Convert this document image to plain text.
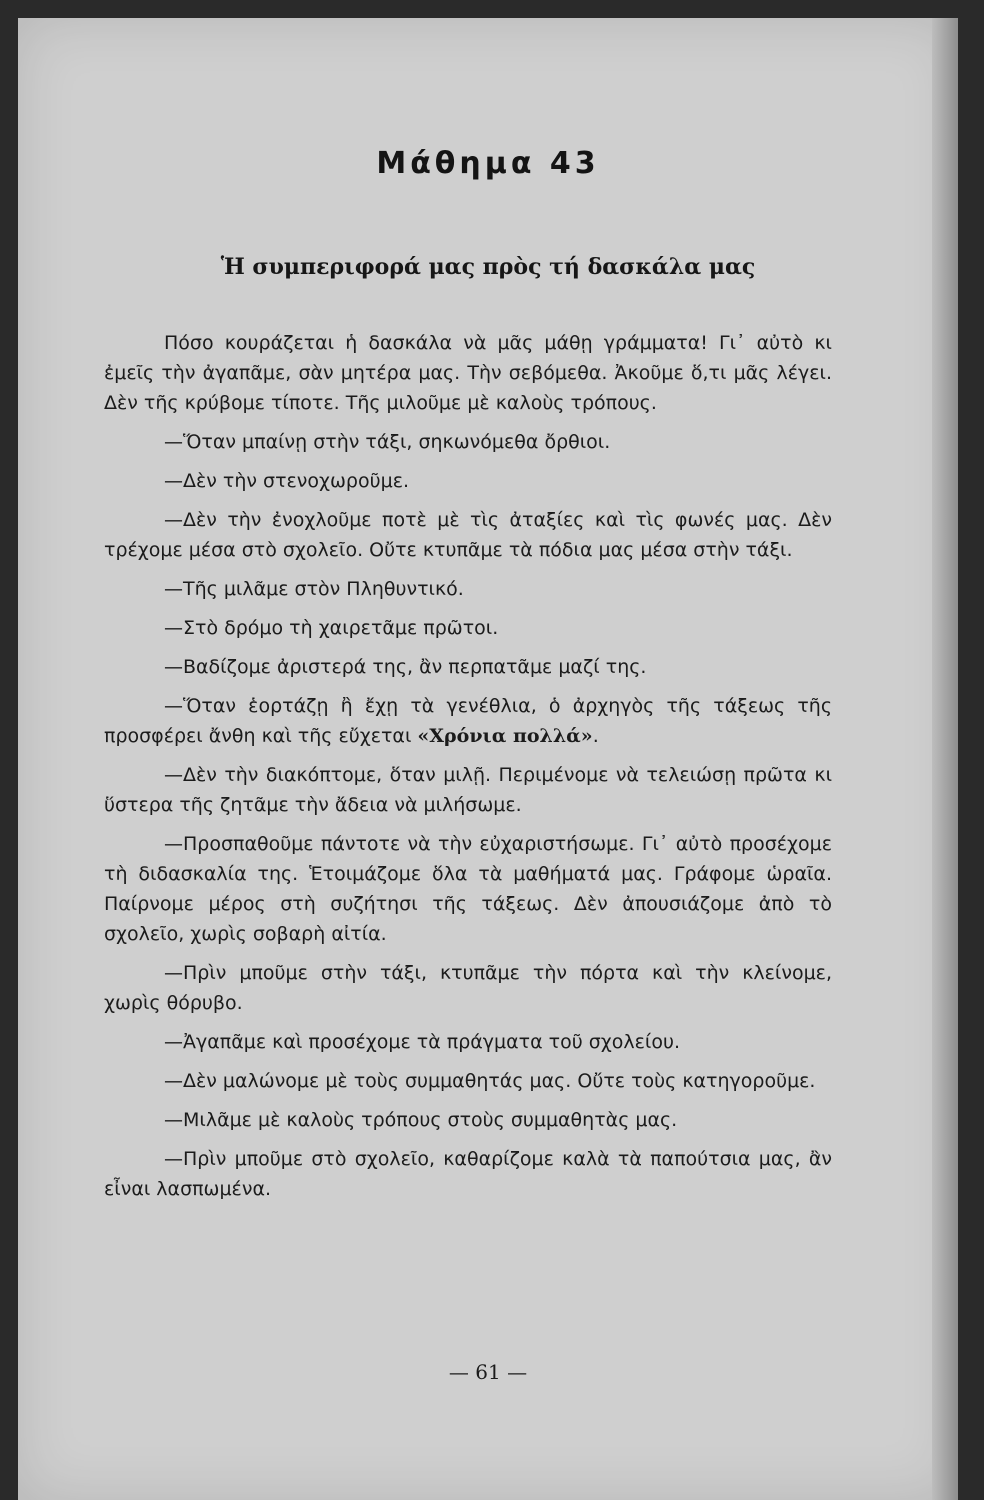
Μάθημα 43
Ἡ συμπεριφορά μας πρὸς τή δασκάλα μας

Πόσο κουράζεται ἡ δασκάλα νὰ μᾶς μάθῃ γράμματα! Γι᾽ αὐτὸ κι ἐμεῖς τὴν ἀγαπᾶμε, σὰν μητέρα μας. Τὴν σεβόμεθα. Ἀκοῦμε ὅ,τι μᾶς λέγει. Δὲν τῆς κρύβομε τίποτε. Τῆς μιλοῦμε μὲ καλοὺς τρόπους.

—Ὅταν μπαίνῃ στὴν τάξι, σηκωνόμεθα ὄρθιοι.

—Δὲν τὴν στενοχωροῦμε.

—Δὲν τὴν ἐνοχλοῦμε ποτὲ μὲ τὶς ἀταξίες καὶ τὶς φωνές μας. Δὲν τρέχομε μέσα στὸ σχολεῖο. Οὔτε κτυπᾶμε τὰ πόδια μας μέσα στὴν τάξι.

—Τῆς μιλᾶμε στὸν Πληθυντικό.

—Στὸ δρόμο τὴ χαιρετᾶμε πρῶτοι.

—Βαδίζομε ἀριστερά της, ἂν περπατᾶμε μαζί της.

—Ὅταν ἑορτάζῃ ἢ ἔχῃ τὰ γενέθλια, ὁ ἀρχηγὸς τῆς τάξεως τῆς προσφέρει ἄνθη καὶ τῆς εὔχεται «Χρόνια πολλά».

—Δὲν τὴν διακόπτομε, ὅταν μιλῇ. Περιμένομε νὰ τελειώσῃ πρῶτα κι ὕστερα τῆς ζητᾶμε τὴν ἄδεια νὰ μιλήσωμε.

—Προσπαθοῦμε πάντοτε νὰ τὴν εὐχαριστήσωμε. Γι᾽ αὐτὸ προσέχομε τὴ διδασκαλία της. Ἑτοιμάζομε ὅλα τὰ μαθήματά μας. Γράφομε ὡραῖα. Παίρνομε μέρος στὴ συζήτησι τῆς τάξεως. Δὲν ἀπουσιάζομε ἀπὸ τὸ σχολεῖο, χωρὶς σοβαρὴ αἰτία.

—Πρὶν μποῦμε στὴν τάξι, κτυπᾶμε τὴν πόρτα καὶ τὴν κλείνομε, χωρὶς θόρυβο.

—Ἀγαπᾶμε καὶ προσέχομε τὰ πράγματα τοῦ σχολείου.

—Δὲν μαλώνομε μὲ τοὺς συμμαθητάς μας. Οὔτε τοὺς κατηγοροῦμε.

—Μιλᾶμε μὲ καλοὺς τρόπους στοὺς συμμαθητὰς μας.

—Πρὶν μποῦμε στὸ σχολεῖο, καθαρίζομε καλὰ τὰ παπούτσια μας, ἂν εἶναι λασπωμένα.

— 61 —
